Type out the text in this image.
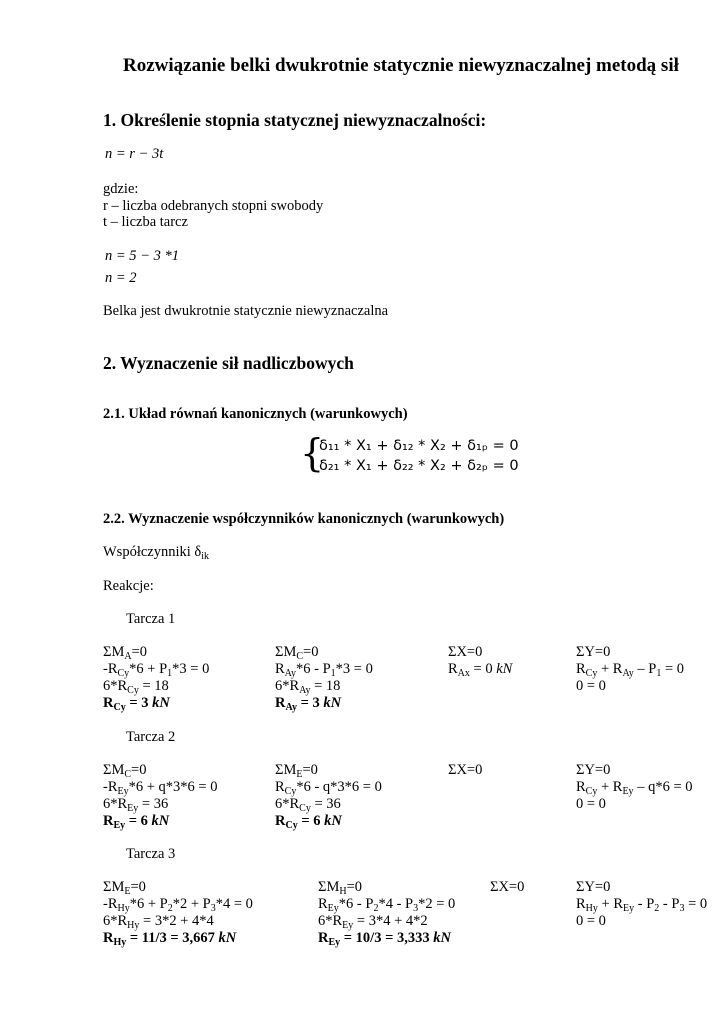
Rozwiązanie belki dwukrotnie statycznie niewyznaczalnej metodą sił
1. Określenie stopnia statycznej niewyznaczalności:
n = r − 3t
gdzie:
r – liczba odebranych stopni swobody
t – liczba tarcz
n = 5 − 3 *1
n = 2
Belka jest dwukrotnie statycznie niewyznaczalna
2. Wyznaczenie sił nadliczbowych
2.1. Układ równań kanonicznych (warunkowych)
{
δ₁₁ * X₁ + δ₁₂ * X₂ + δ₁ₚ = 0
δ₂₁ * X₁ + δ₂₂ * X₂ + δ₂ₚ = 0
2.2. Wyznaczenie współczynników kanonicznych (warunkowych)
Współczynniki $\delta_{ik}$
Reakcje:
Tarcza 1
$\Sigma M_A=0$
$-R_{Cy}*6 + P_1*3 = 0$
$6*R_{Cy} = 18$
$R_{Cy} = 3$ kN
$\Sigma M_C=0$
$R_{Ay}*6 - P_1*3 = 0$
$6*R_{Ay} = 18$
$R_{Ay} = 3$ kN
ΣX=0
$R_{Ax} = 0$ kN
ΣY=0
$R_{Cy} + R_{Ay} - P_1 = 0$
0 = 0
Tarcza 2
$\Sigma M_C=0$
$-R_{Ey}*6 + q*3*6 = 0$
$6*R_{Ey} = 36$
$R_{Ey} = 6$ kN
$\Sigma M_E=0$
$R_{Cy}*6 - q*3*6 = 0$
$6*R_{Cy} = 36$
$R_{Cy} = 6$ kN
ΣX=0	ΣY=0
$R_{Cy} + R_{Ey} - q*6 = 0$
0 = 0
Tarcza 3
$\Sigma M_E=0$
$-R_{Hy}*6 + P_2*2 + P_3*4 = 0$
$6*R_{Hy} = 3*2 + 4*4$
$R_{Hy} = 11/3 = 3,667$ kN
$\Sigma M_H=0$
$R_{Ey}*6 - P_2*4 - P_3*2 = 0$
$6*R_{Ey} = 3*4 + 4*2$
$R_{Ey} = 10/3 = 3,333$ kN
ΣX=0	ΣY=0
$R_{Hy} + R_{Ey} - P_2 - P_3 = 0$
0 = 0
